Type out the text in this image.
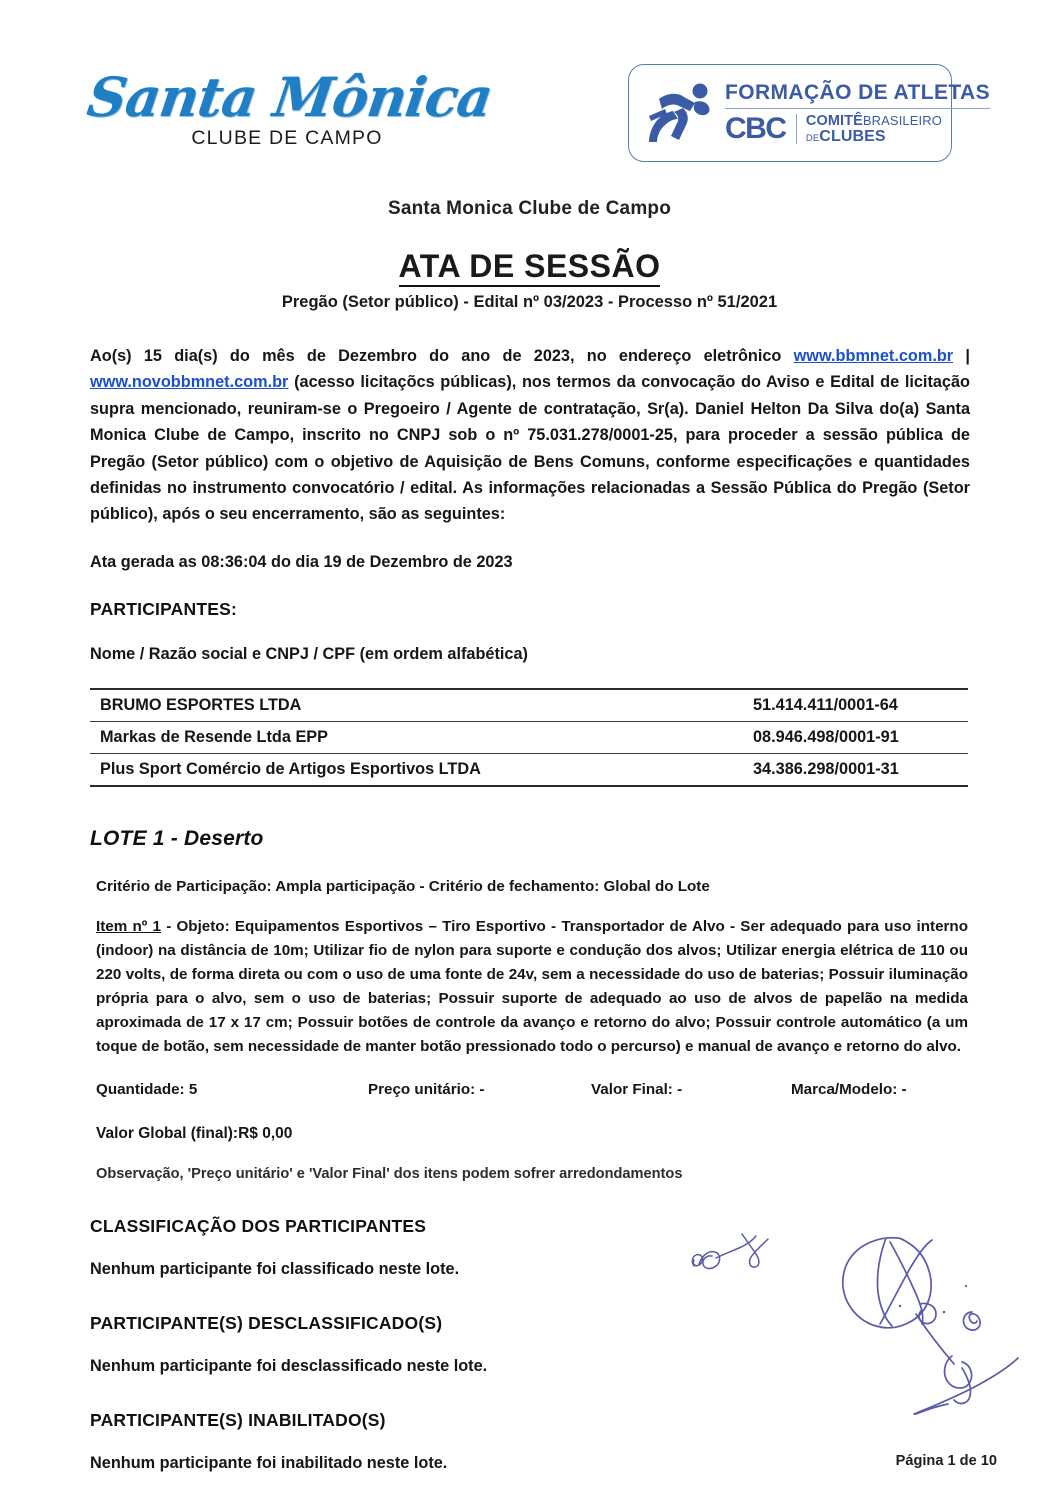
Santa Mônica
CLUBE DE CAMPO
FORMAÇÃO DE ATLETAS
CBC COMITÊBRASILEIRO
DECLUBES
Santa Monica Clube de Campo
ATA DE SESSÃO
Pregão (Setor público) - Edital nº 03/2023 - Processo nº 51/2021

Ao(s) 15 dia(s) do mês de Dezembro do ano de 2023, no endereço eletrônico www.bbmnet.com.br | www.novobbmnet.com.br (acesso licitaçõcs públicas), nos termos da convocação do Aviso e Edital de licitação supra mencionado, reuniram-se o Pregoeiro / Agente de contratação, Sr(a). Daniel Helton Da Silva do(a) Santa Monica Clube de Campo, inscrito no CNPJ sob o nº 75.031.278/0001-25, para proceder a sessão pública de Pregão (Setor público) com o objetivo de Aquisição de Bens Comuns, conforme especificações e quantidades definidas no instrumento convocatório / edital. As informações relacionadas a Sessão Pública do Pregão (Setor público), após o seu encerramento, são as seguintes:

Ata gerada as 08:36:04 do dia 19 de Dezembro de 2023
PARTICIPANTES:
Nome / Razão social e CNPJ / CPF (em ordem alfabética)
BRUMO ESPORTES LTDA	51.414.411/0001-64
Markas de Resende Ltda EPP	08.946.498/0001-91
Plus Sport Comércio de Artigos Esportivos LTDA	34.386.298/0001-31
LOTE 1 - Deserto
Critério de Participação: Ampla participação - Critério de fechamento: Global do Lote
Item nº 1 - Objeto: Equipamentos Esportivos – Tiro Esportivo - Transportador de Alvo - Ser adequado para uso interno (indoor) na distância de 10m; Utilizar fio de nylon para suporte e condução dos alvos; Utilizar energia elétrica de 110 ou 220 volts, de forma direta ou com o uso de uma fonte de 24v, sem a necessidade do uso de baterias; Possuir iluminação própria para o alvo, sem o uso de baterias; Possuir suporte de adequado ao uso de alvos de papelão na medida aproximada de 17 x 17 cm; Possuir botões de controle da avanço e retorno do alvo; Possuir controle automático (a um toque de botão, sem necessidade de manter botão pressionado todo o percurso) e manual de avanço e retorno do alvo.
Quantidade: 5	Preço unitário: -	Valor Final: -	Marca/Modelo: -
Valor Global (final):R$ 0,00
Observação, 'Preço unitário' e 'Valor Final' dos itens podem sofrer arredondamentos
CLASSIFICAÇÃO DOS PARTICIPANTES
Nenhum participante foi classificado neste lote.
PARTICIPANTE(S) DESCLASSIFICADO(S)
Nenhum participante foi desclassificado neste lote.
PARTICIPANTE(S) INABILITADO(S)
Nenhum participante foi inabilitado neste lote.	Página 1 de 10
